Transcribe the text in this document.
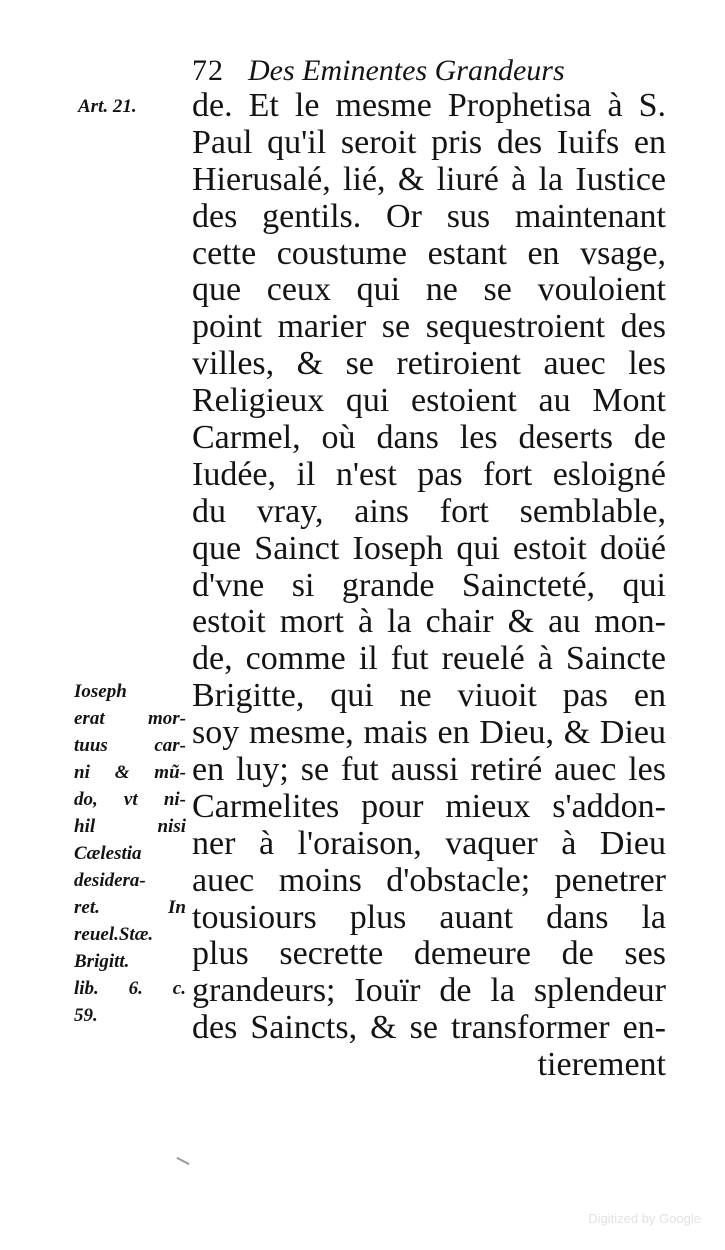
72 Des Eminentes Grandeurs
Art. 21. de. Et le mesme Prophetisa à S.
Paul qu'il seroit pris des Iuifs en
Hierusalé, lié, & liuré à la Iustice
des gentils. Or sus maintenant
cette coustume estant en vsage,
que ceux qui ne se vouloient
point marier se sequestroient des
villes, & se retiroient auec les
Religieux qui estoient au Mont
Carmel, où dans les deserts de
Iudée, il n'est pas fort esloigné
du vray, ains fort semblable,
que Sainct Ioseph qui estoit doüé
d'vne si grande Saincteté, qui
estoit mort à la chair & au mon-
de, comme il fut reuelé à Saincte
Brigitte, qui ne viuoit pas en
soy mesme, mais en Dieu, & Dieu
en luy; se fut aussi retiré auec les
Carmelites pour mieux s'addon-
ner à l'oraison, vaquer à Dieu
auec moins d'obstacle; penetrer
tousiours plus auant dans la
plus secrette demeure de ses
grandeurs; Iouïr de la splendeur
des Saincts, & se transformer en-
tierement
Ioseph
erat mor-
tuus car-
ni & mũ-
do, vt ni-
hil nisi
Cælestia
desidera-
ret. In
reuel.Stæ.
Brigitt.
lib. 6. c.
59.
Digitized by Google
